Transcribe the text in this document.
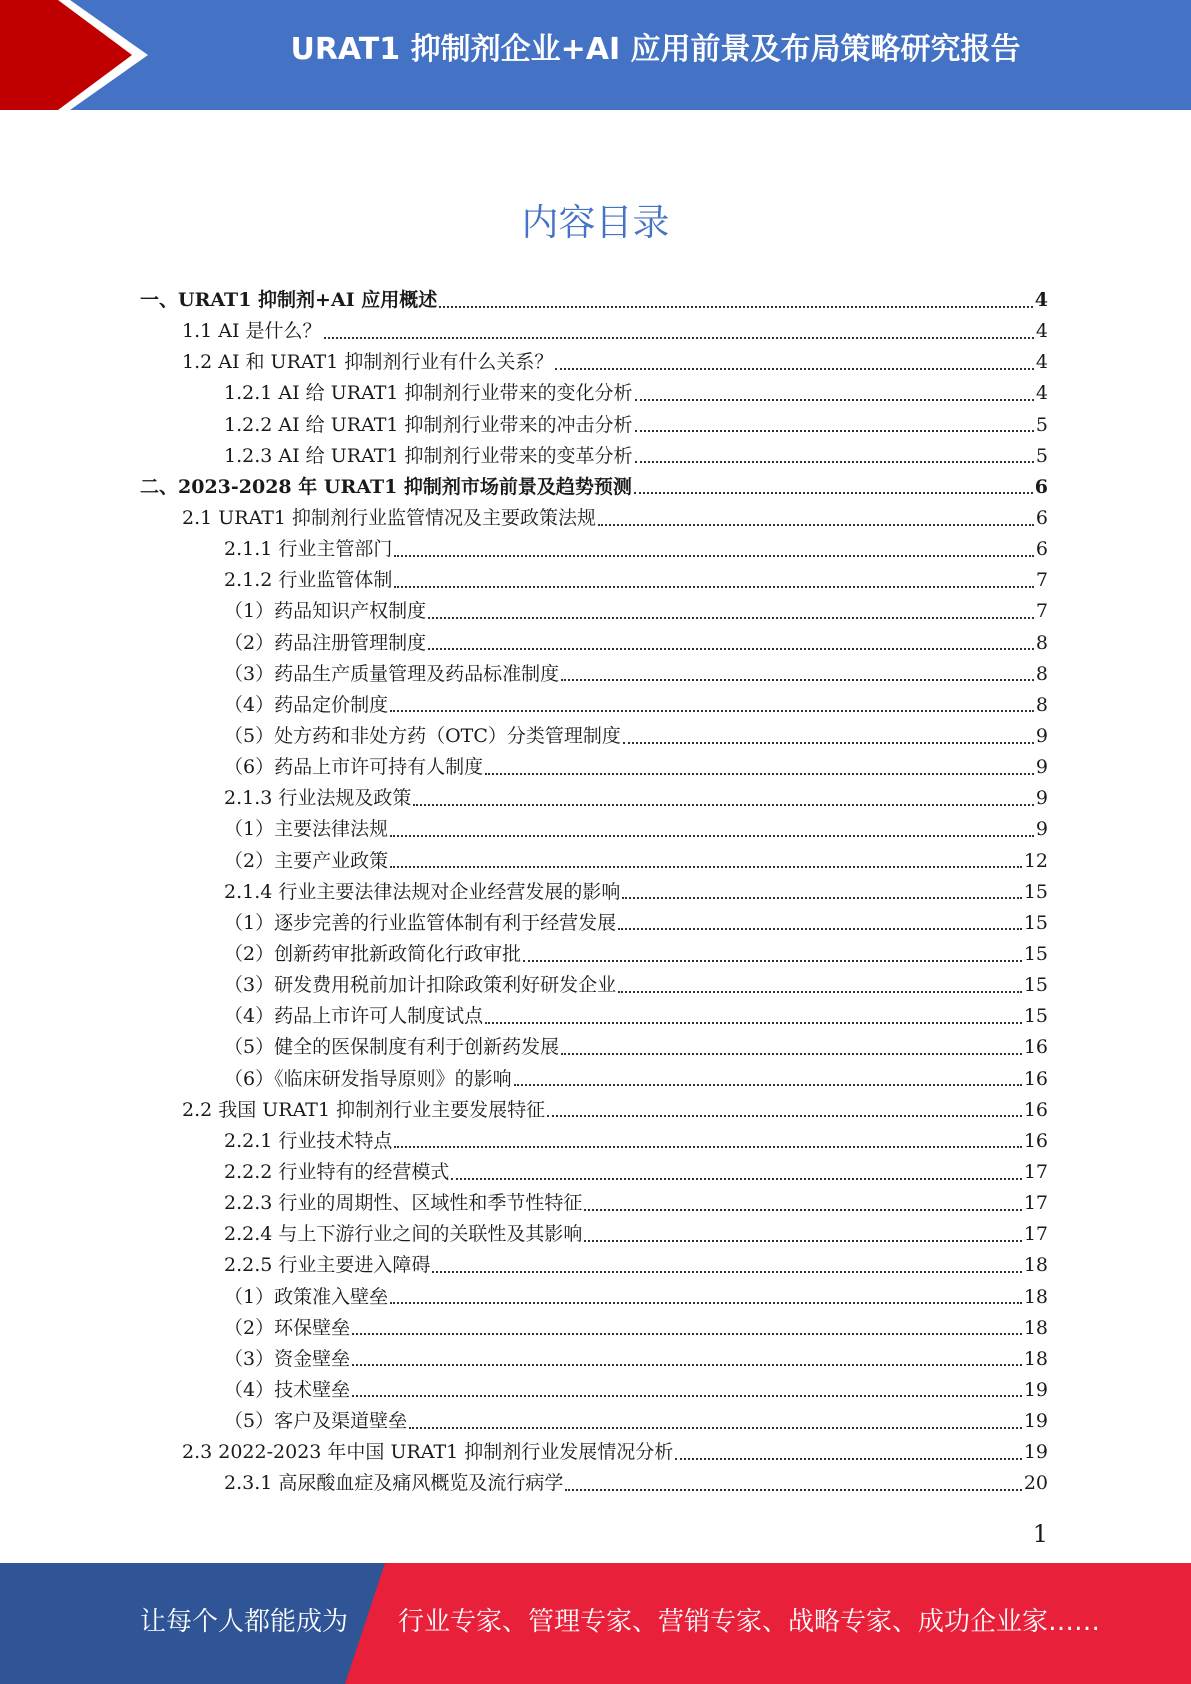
URAT1 抑制剂企业+AI 应用前景及布局策略研究报告
内容目录
一、URAT1 抑制剂+AI 应用概述	4
1.1 AI 是什么？	4
1.2 AI 和 URAT1 抑制剂行业有什么关系？	4
1.2.1 AI 给 URAT1 抑制剂行业带来的变化分析	4
1.2.2 AI 给 URAT1 抑制剂行业带来的冲击分析	5
1.2.3 AI 给 URAT1 抑制剂行业带来的变革分析	5
二、2023-2028 年 URAT1 抑制剂市场前景及趋势预测	6
2.1 URAT1 抑制剂行业监管情况及主要政策法规	6
2.1.1 行业主管部门	6
2.1.2 行业监管体制	7
（1）药品知识产权制度	7
（2）药品注册管理制度	8
（3）药品生产质量管理及药品标准制度	8
（4）药品定价制度	8
（5）处方药和非处方药（OTC）分类管理制度	9
（6）药品上市许可持有人制度	9
2.1.3 行业法规及政策	9
（1）主要法律法规	9
（2）主要产业政策	12
2.1.4 行业主要法律法规对企业经营发展的影响	15
（1）逐步完善的行业监管体制有利于经营发展	15
（2）创新药审批新政简化行政审批	15
（3）研发费用税前加计扣除政策利好研发企业	15
（4）药品上市许可人制度试点	15
（5）健全的医保制度有利于创新药发展	16
（6）《临床研发指导原则》的影响	16
2.2 我国 URAT1 抑制剂行业主要发展特征	16
2.2.1 行业技术特点	16
2.2.2 行业特有的经营模式	17
2.2.3 行业的周期性、区域性和季节性特征	17
2.2.4 与上下游行业之间的关联性及其影响	17
2.2.5 行业主要进入障碍	18
（1）政策准入壁垒	18
（2）环保壁垒	18
（3）资金壁垒	18
（4）技术壁垒	19
（5）客户及渠道壁垒	19
2.3 2022-2023 年中国 URAT1 抑制剂行业发展情况分析	19
2.3.1 高尿酸血症及痛风概览及流行病学	20
1
让每个人都能成为 行业专家、管理专家、营销专家、战略专家、成功企业家……
